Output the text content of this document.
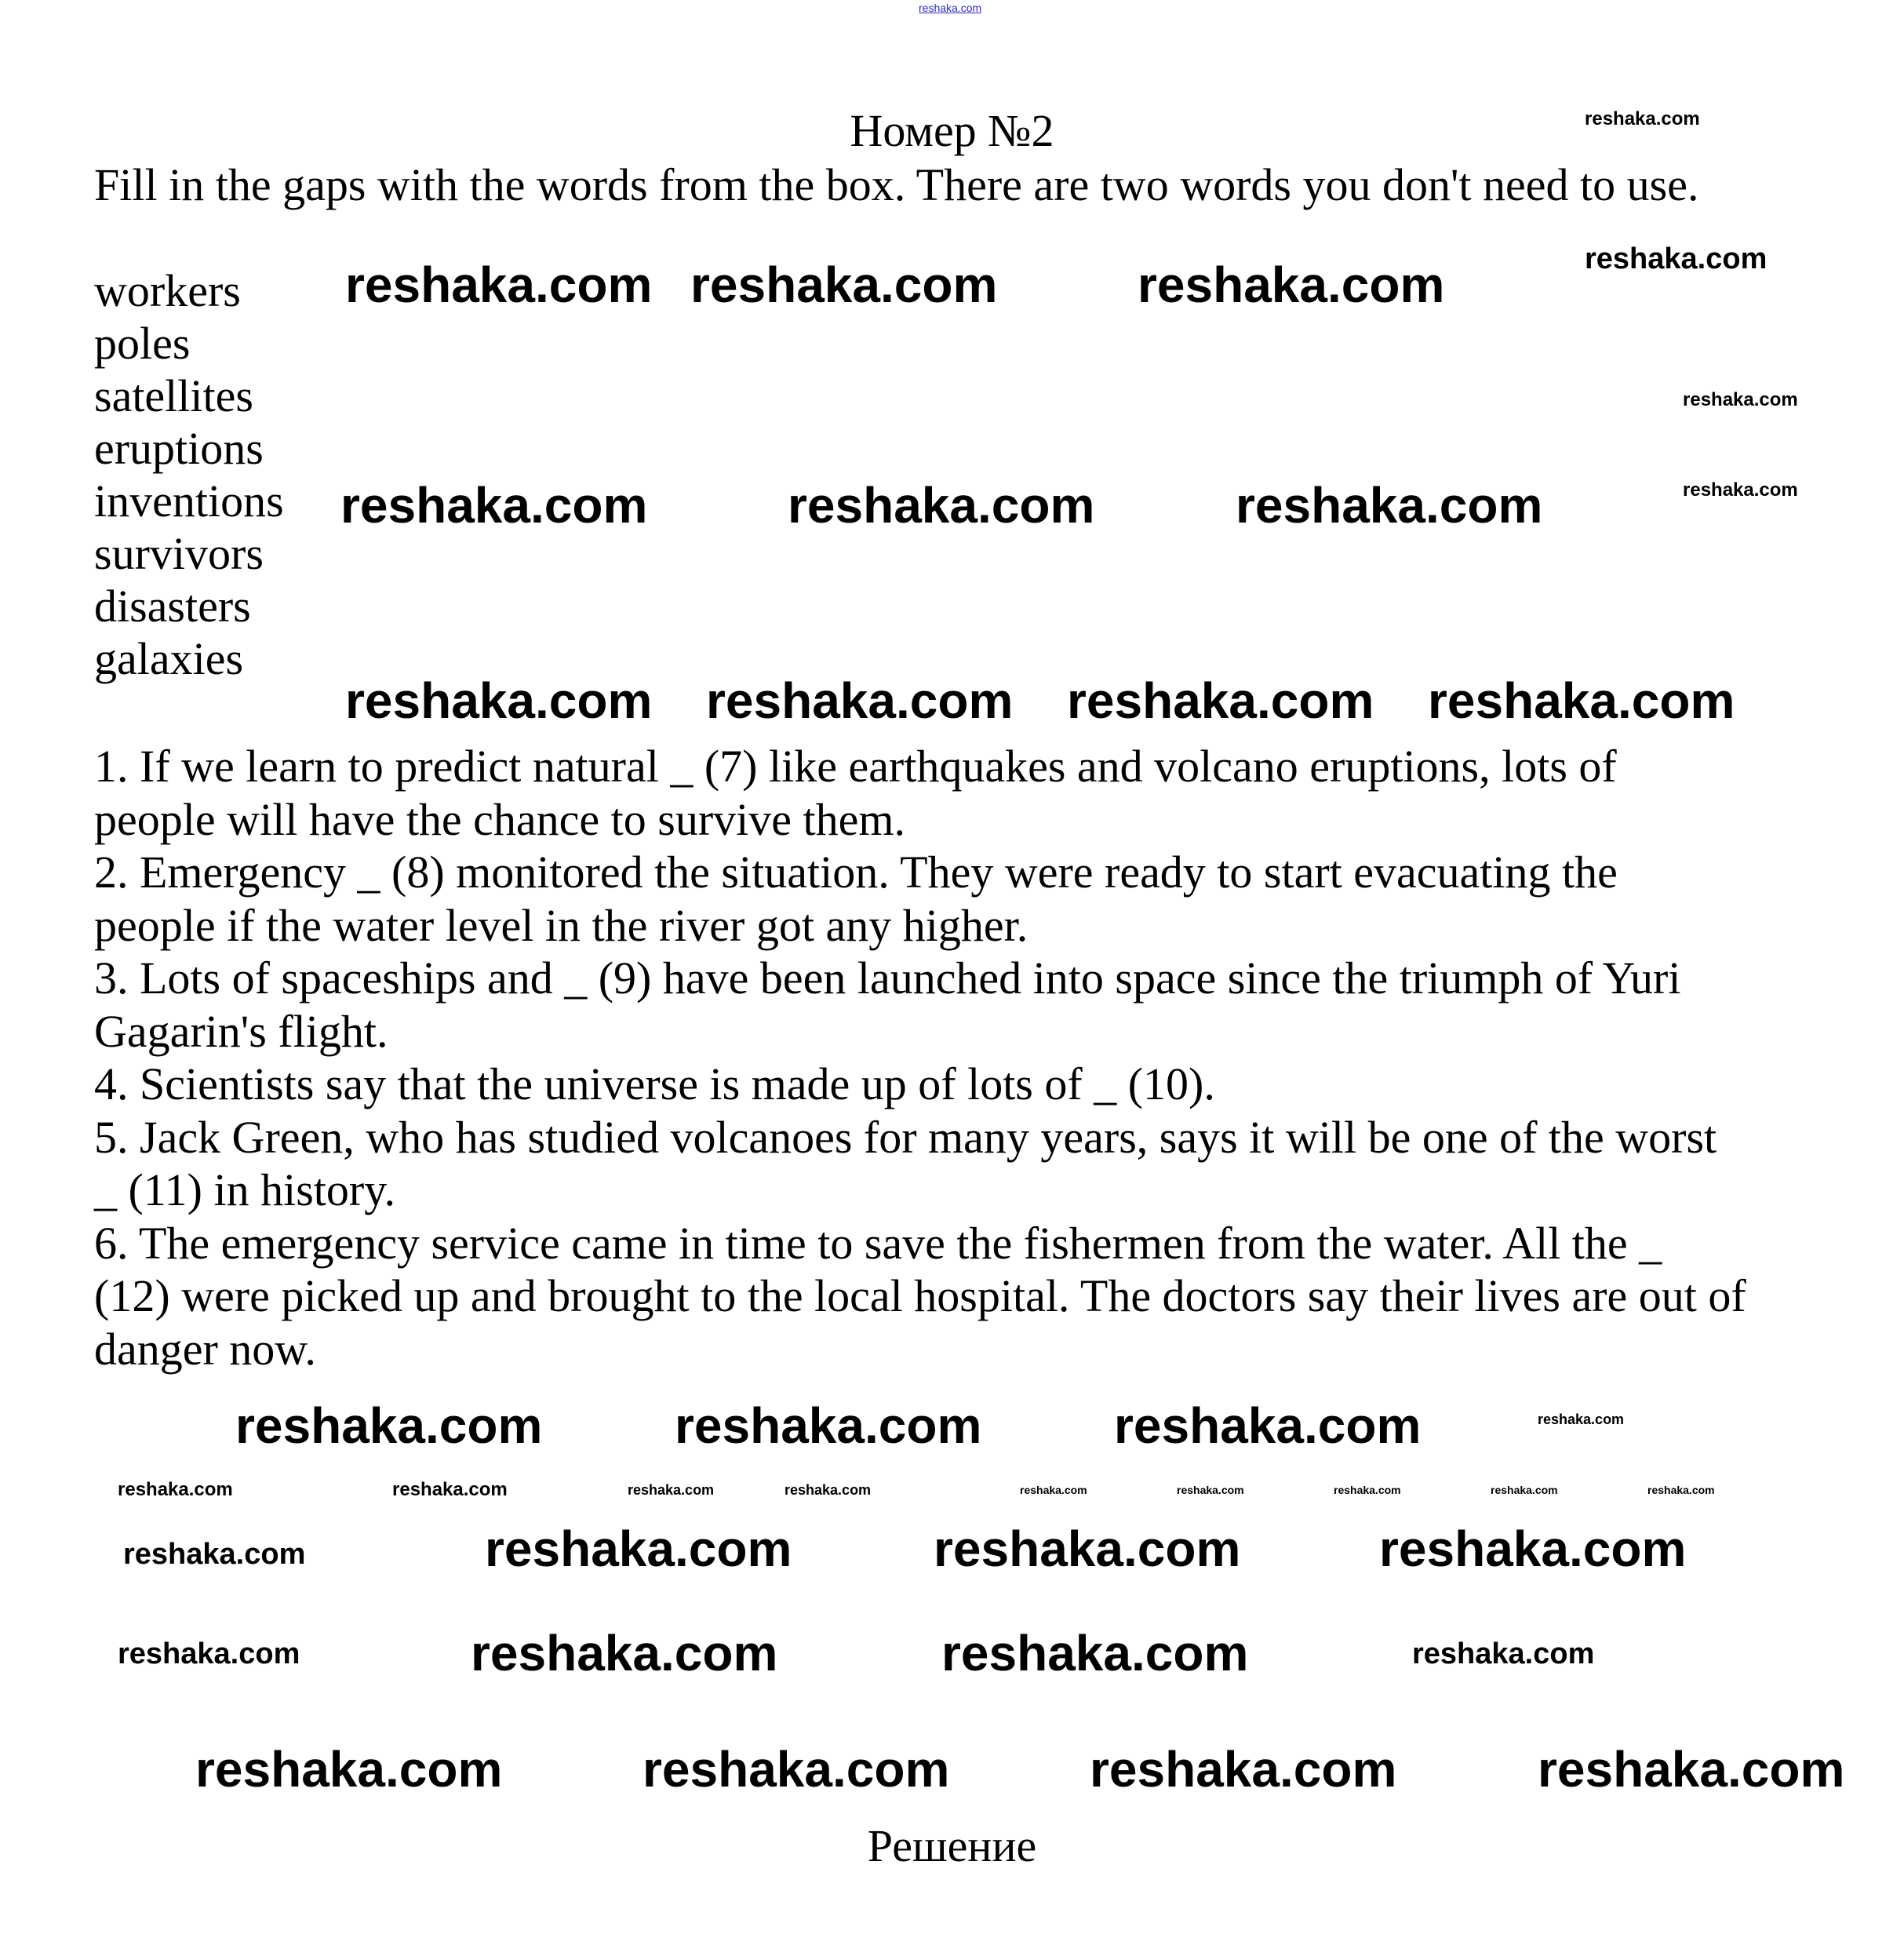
reshaka.com
Номер №2
Fill in the gaps with the words from the box. There are two words you don't need to use.
workers
poles
satellites
eruptions
inventions
survivors
disasters
galaxies
1. If we learn to predict natural _ (7) like earthquakes and volcano eruptions, lots of
people will have the chance to survive them.
2. Emergency _ (8) monitored the situation. They were ready to start evacuating the
people if the water level in the river got any higher.
3. Lots of spaceships and _ (9) have been launched into space since the triumph of Yuri
Gagarin's flight.
4. Scientists say that the universe is made up of lots of _ (10).
5. Jack Green, who has studied volcanoes for many years, says it will be one of the worst
_ (11) in history.
6. The emergency service came in time to save the fishermen from the water. All the _
(12) were picked up and brought to the local hospital. The doctors say their lives are out of
danger now.
Решение
reshaka.com reshaka.com	reshaka.com
reshaka.com	reshaka.com	reshaka.com
reshaka.com reshaka.com reshaka.com reshaka.com
reshaka.com	reshaka.com	reshaka.com
reshaka.com	reshaka.com
reshaka.com	reshaka.com	reshaka.com
reshaka.com	reshaka.com	reshaka.com	reshaka.com
reshaka.com
reshaka.com	reshaka.com
reshaka.com
reshaka.com
reshaka.com
reshaka.com
reshaka.com	reshaka.com
reshaka.com
reshaka.com	reshaka.com	reshaka.com	reshaka.com	reshaka.com	reshaka.com	reshaka.com
